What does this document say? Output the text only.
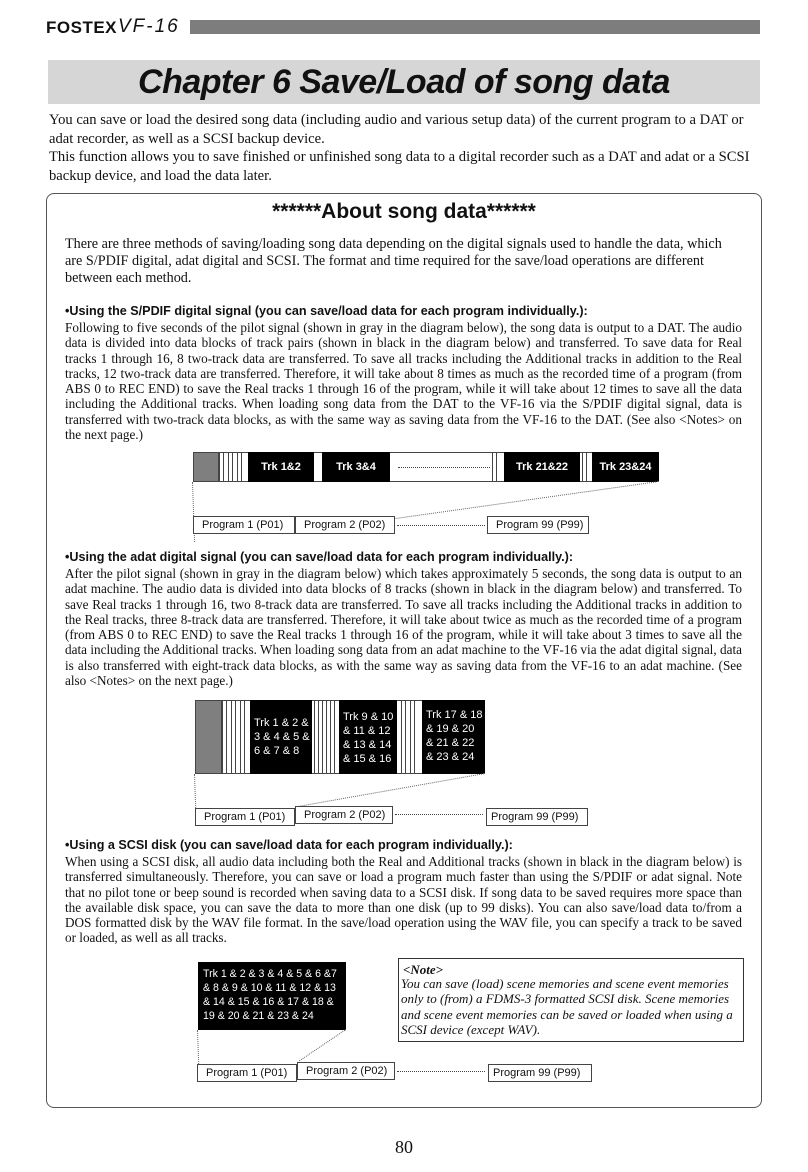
FOSTEX VF-16
Chapter 6 Save/Load of song data
You can save or load the desired song data (including audio and various setup data) of the current program to a DAT or adat recorder, as well as a SCSI backup device.
This function allows you to save finished or unfinished song data to a digital recorder such as a DAT and adat or a SCSI backup device, and load the data later.
******About song data******
There are three methods of saving/loading song data depending on the digital signals used to handle the data, which are S/PDIF digital, adat digital and SCSI. The format and time required for the save/load operations are different between each method.
•Using the S/PDIF digital signal (you can save/load data for each program individually.):
Following to five seconds of the pilot signal (shown in gray in the diagram below), the song data is output to a DAT. The audio data is divided into data blocks of track pairs (shown in black in the diagram below) and transferred. To save data for Real tracks 1 through 16, 8 two-track data are transferred. To save all tracks including the Additional tracks in addition to the Real tracks, 12 two-track data are transferred. Therefore, it will take about 8 times as much as the recorded time of a program (from ABS 0 to REC END) to save the Real tracks 1 through 16 of the program, while it will take about 12 times to save all the data including the Additional tracks. When loading song data from the DAT to the VF-16 via the S/PDIF digital signal, data is transferred with two-track data blocks, as with the same way as saving data from the VF-16 to the DAT. (See also <Notes> on the next page.)
Trk 1&2	Trk 3&4	Trk 21&22	Trk 23&24
Program 1 (P01)	Program 2 (P02)	Program 99 (P99)
•Using the adat digital signal (you can save/load data for each program individually.):
After the pilot signal (shown in gray in the diagram below) which takes approximately 5 seconds, the song data is output to an adat machine. The audio data is divided into data blocks of 8 tracks (shown in black in the diagram below) and transferred. To save Real tracks 1 through 16, two 8-track data are transferred. To save all tracks including the Additional tracks in addition to the Real tracks, three 8-track data are transferred. Therefore, it will take about twice as much as the recorded time of a program (from ABS 0 to REC END) to save the Real tracks 1 through 16 of the program, while it will take about 3 times to save all the data including the Additional tracks. When loading song data from an adat machine to the VF-16 via the adat digital signal, data is also transferred with eight-track data blocks, as with the same way as saving data from the VF-16 to an adat machine. (See also <Notes> on the next page.)
Trk 1 & 2 &
3 & 4 & 5 &
6 & 7 & 8
Trk 9 & 10
& 11 & 12
& 13 & 14
& 15 & 16
Trk 17 & 18
& 19 & 20
& 21 & 22
& 23 & 24
Program 1 (P01)	Program 2 (P02)	Program 99 (P99)
•Using a SCSI disk (you can save/load data for each program individually.):
When using a SCSI disk, all audio data including both the Real and Additional tracks (shown in black in the diagram below) is transferred simultaneously. Therefore, you can save or load a program much faster than using the S/PDIF or adat signal. Note that no pilot tone or beep sound is recorded when saving data to a SCSI disk. If song data to be saved requires more space than the available disk space, you can save the data to more than one disk (up to 99 disks). You can also save/load data to/from a DOS formatted disk by the WAV file format. In the save/load operation using the WAV file, you can specify a track to be saved or loaded, as well as all tracks.
Trk 1 & 2 & 3 & 4 & 5 & 6 &7
& 8 & 9 & 10 & 11 & 12 & 13
& 14 & 15 & 16 & 17 & 18 &
19 & 20 & 21 & 23 & 24
Program 1 (P01)	Program 2 (P02)	Program 99 (P99)
<Note>
You can save (load) scene memories and scene event memories only to (from) a FDMS-3 formatted SCSI disk. Scene memories and scene event memories can be saved or loaded when using a SCSI device (except WAV).
80
